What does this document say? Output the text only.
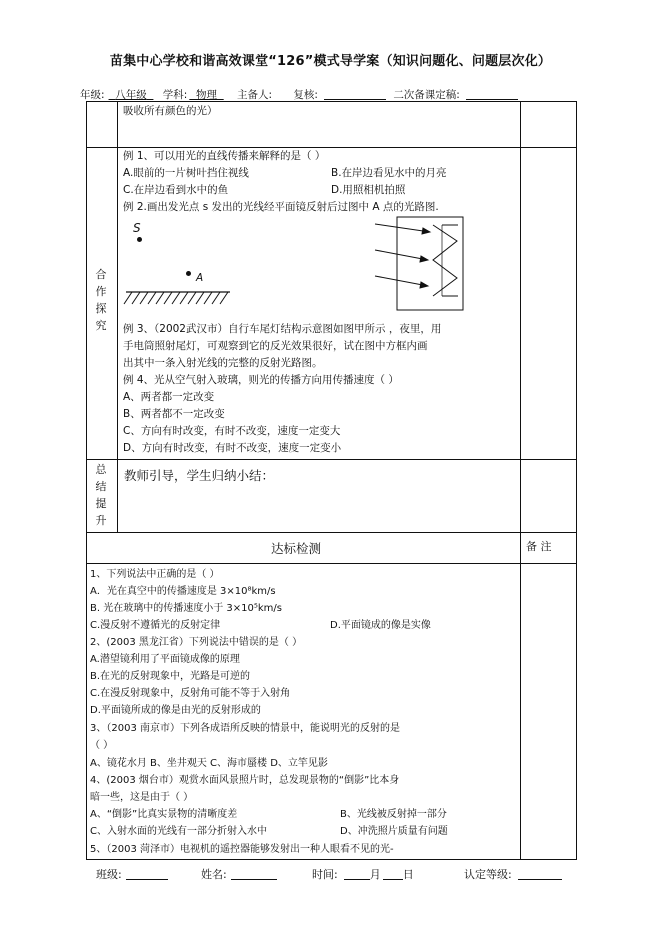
苗集中心学校和谐高效课堂“126”模式导学案（知识问题化、问题层次化）
年级: 八年级 学科: 物理 主备人: 复核:	二次备课定稿:
吸收所有颜色的光）
合
作
探
究
例 1、可以用光的直线传播来解释的是（ ）
A.眼前的一片树叶挡住视线	B.在岸边看见水中的月亮
C.在岸边看到水中的鱼	D.用照相机拍照
例 2.画出发光点 s 发出的光线经平面镜反射后过图中 A 点的光路图.
S
A
例 3、（2002武汉市）自行车尾灯结构示意图如图甲所示 ，夜里，用
手电筒照射尾灯，可观察到它的反光效果很好，试在图中方框内画
出其中一条入射光线的完整的反射光路图。
例 4、光从空气射入玻璃，则光的传播方向用传播速度（ ）
A、两者都一定改变
B、两者都不一定改变
C、方向有时改变，有时不改变，速度一定变大
D、方向有时改变，有时不改变，速度一定变小
总
结
提
升
教师引导，学生归纳小结：
达标检测	备 注
1、下列说法中正确的是（ ）
A．光在真空中的传播速度是 3×10⁸km/s
B. 光在玻璃中的传播速度小于 3×10⁵km/s
C.漫反射不遵循光的反射定律	D.平面镜成的像是实像
2、(2003 黑龙江省）下列说法中错误的是（ ）
A.潜望镜利用了平面镜成像的原理
B.在光的反射现象中，光路是可逆的
C.在漫反射现象中，反射角可能不等于入射角
D.平面镜所成的像是由光的反射形成的
3、（2003 南京市）下列各成语所反映的情景中，能说明光的反射的是
（ ）
A、镜花水月 B、坐井观天 C、海市蜃楼 D、立竿见影
4、(2003 烟台市）观赏水面风景照片时，总发现景物的“倒影”比本身
暗一些，这是由于（ ）
A、“倒影”比真实景物的清晰度差	B、光线被反射掉一部分
C、入射水面的光线有一部分折射入水中	D、冲洗照片质量有问题
5、（2003 菏泽市）电视机的遥控器能够发射出一种人眼看不见的光-
班级:	姓名:	时间:	月 日	认定等级:
